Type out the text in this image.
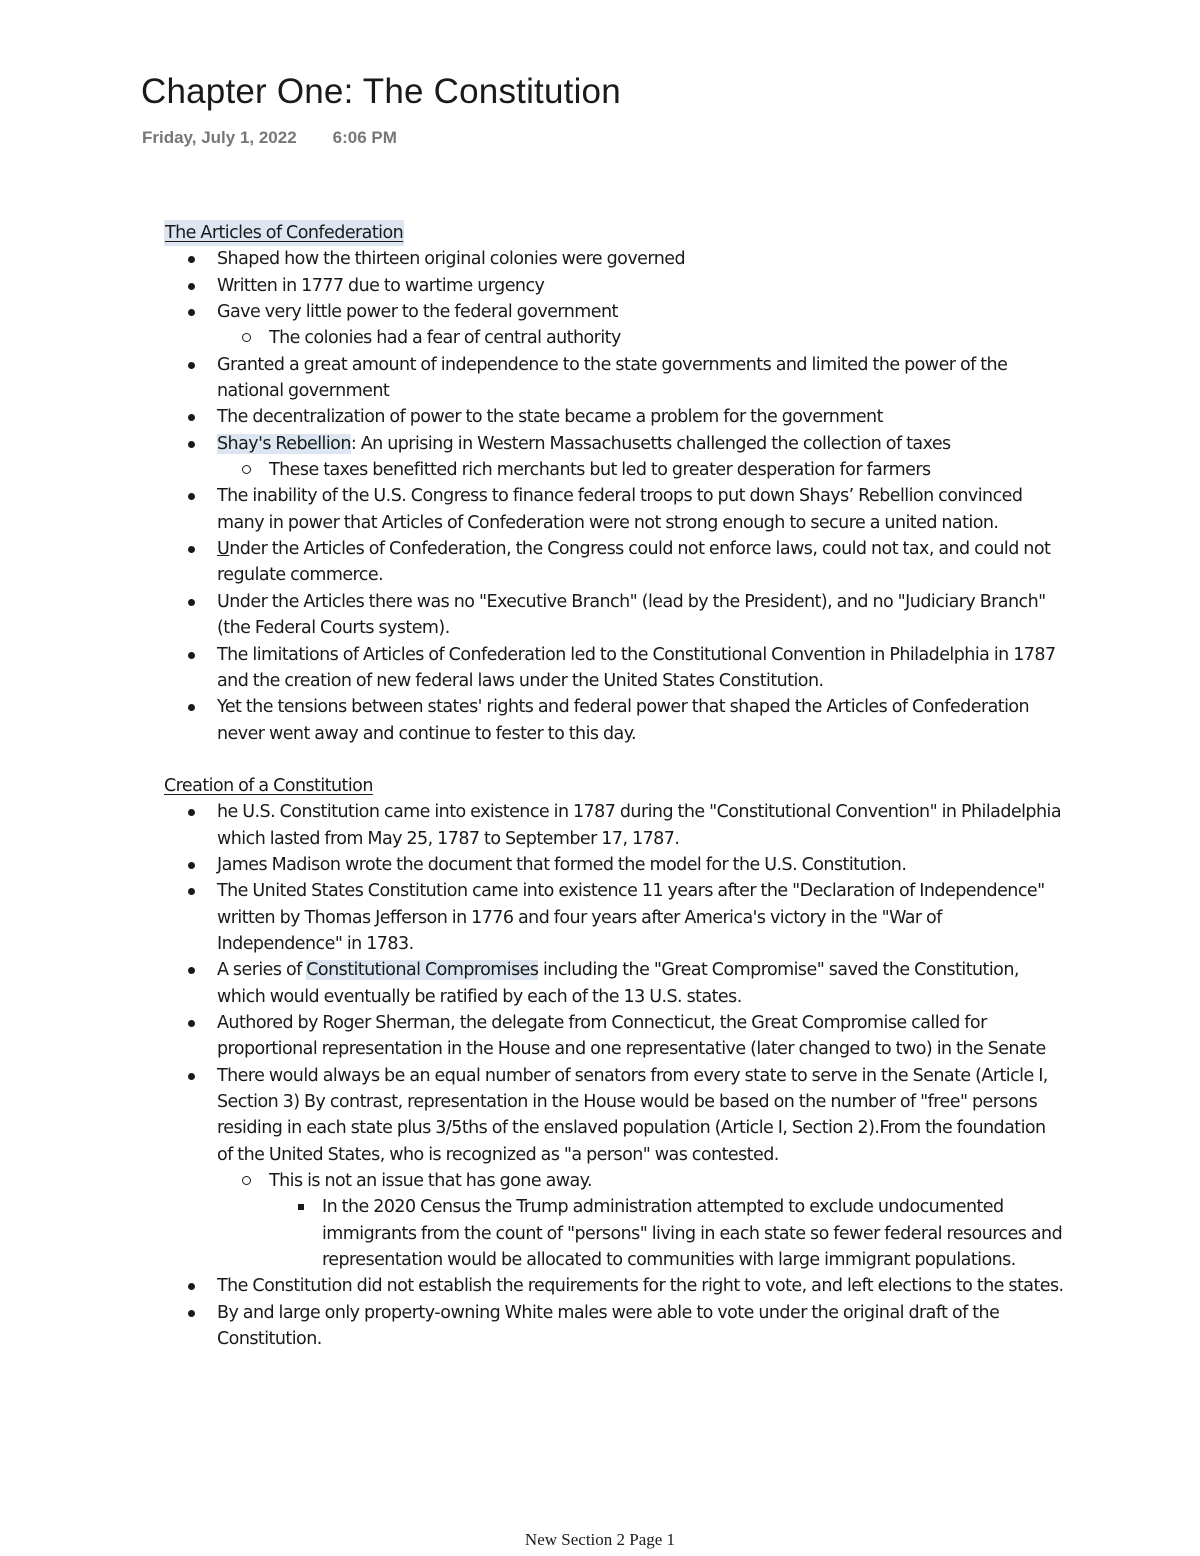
Chapter One: The Constitution
Friday, July 1, 2022 6:06 PM
The Articles of Confederation
Shaped how the thirteen original colonies were governed
Written in 1777 due to wartime urgency
Gave very little power to the federal government
The colonies had a fear of central authority
Granted a great amount of independence to the state governments and limited the power of the national government
The decentralization of power to the state became a problem for the government
Shay's Rebellion: An uprising in Western Massachusetts challenged the collection of taxes
These taxes benefitted rich merchants but led to greater desperation for farmers
The inability of the U.S. Congress to finance federal troops to put down Shays’ Rebellion convinced many in power that Articles of Confederation were not strong enough to secure a united nation.
Under the Articles of Confederation, the Congress could not enforce laws, could not tax, and could not regulate commerce.
Under the Articles there was no "Executive Branch" (lead by the President), and no "Judiciary Branch" (the Federal Courts system).
The limitations of Articles of Confederation led to the Constitutional Convention in Philadelphia in 1787 and the creation of new federal laws under the United States Constitution.
Yet the tensions between states' rights and federal power that shaped the Articles of Confederation never went away and continue to fester to this day.
Creation of a Constitution
he U.S. Constitution came into existence in 1787 during the "Constitutional Convention" in Philadelphia which lasted from May 25, 1787 to September 17, 1787.
James Madison wrote the document that formed the model for the U.S. Constitution.
The United States Constitution came into existence 11 years after the "Declaration of Independence" written by Thomas Jefferson in 1776 and four years after America's victory in the "War of Independence" in 1783.
A series of Constitutional Compromises including the "Great Compromise" saved the Constitution, which would eventually be ratified by each of the 13 U.S. states.
Authored by Roger Sherman, the delegate from Connecticut, the Great Compromise called for proportional representation in the House and one representative (later changed to two) in the Senate
There would always be an equal number of senators from every state to serve in the Senate (Article I, Section 3) By contrast, representation in the House would be based on the number of "free" persons residing in each state plus 3/5ths of the enslaved population (Article I, Section 2).From the foundation of the United States, who is recognized as "a person" was contested.
This is not an issue that has gone away.
In the 2020 Census the Trump administration attempted to exclude undocumented immigrants from the count of "persons" living in each state so fewer federal resources and representation would be allocated to communities with large immigrant populations.
The Constitution did not establish the requirements for the right to vote, and left elections to the states.
By and large only property-owning White males were able to vote under the original draft of the Constitution.
New Section 2 Page 1
